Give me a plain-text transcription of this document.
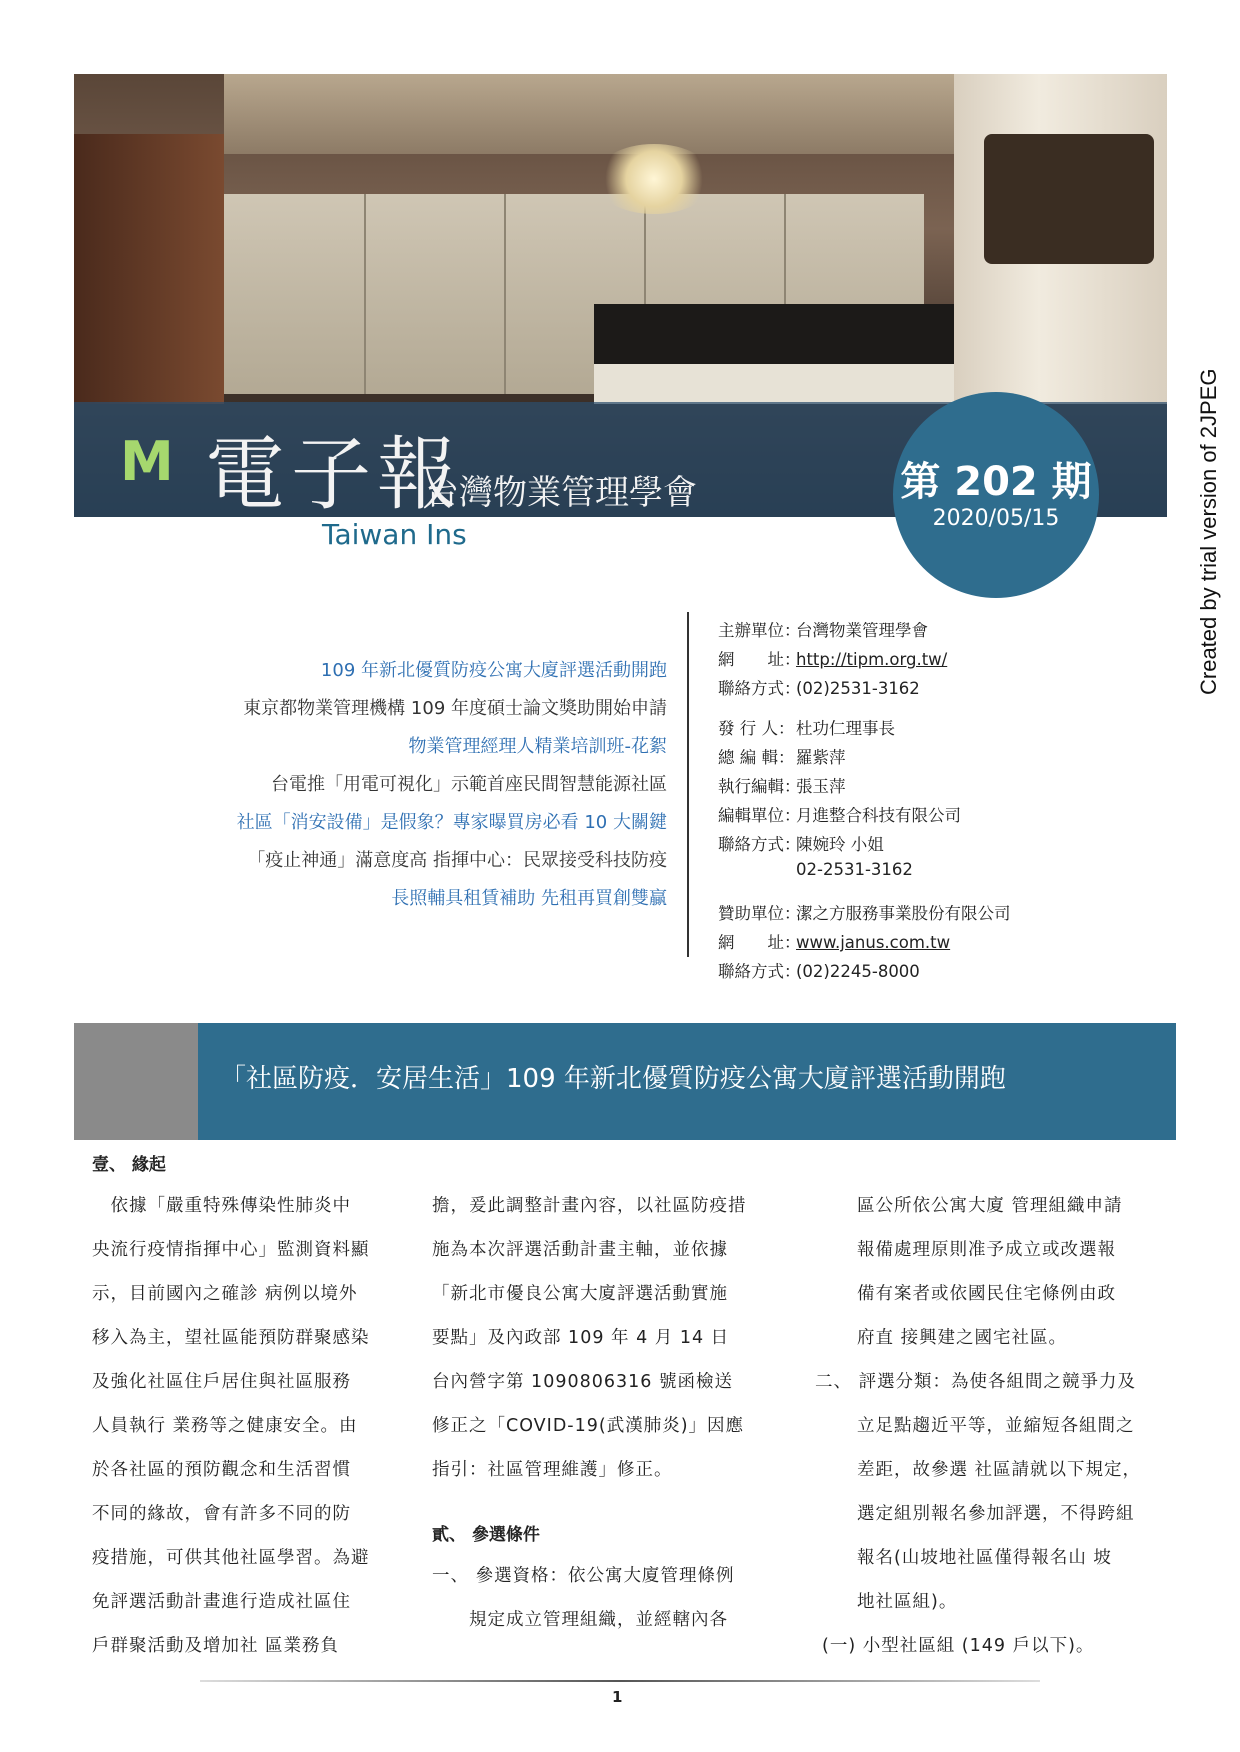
M 電子報
台灣物業管理學會
Taiwan Ins
第 202 期
2020/05/15
109 年新北優質防疫公寓大廈評選活動開跑
東京都物業管理機構 109 年度碩士論文獎助開始申請
物業管理經理人精業培訓班-花絮
台電推「用電可視化」示範首座民間智慧能源社區
社區「消安設備」是假象？專家曝買房必看 10 大關鍵
「疫止神通」滿意度高 指揮中心：民眾接受科技防疫
長照輔具租賃補助 先租再買創雙贏
主辦單位：台灣物業管理學會
網　　址：http://tipm.org.tw/
聯絡方式：(02)2531-3162
發 行 人：杜功仁理事長
總 編 輯：羅紫萍
執行編輯：張玉萍
編輯單位：月進整合科技有限公司
聯絡方式：陳婉玲 小姐
02-2531-3162
贊助單位：潔之方服務事業股份有限公司
網　　址：www.janus.com.tw
聯絡方式：(02)2245-8000
「社區防疫．安居生活」109 年新北優質防疫公寓大廈評選活動開跑
壹、 緣起
　依據「嚴重特殊傳染性肺炎中
央流行疫情指揮中心」監測資料顯
示，目前國內之確診 病例以境外
移入為主，望社區能預防群聚感染
及強化社區住戶居住與社區服務
人員執行 業務等之健康安全。由
於各社區的預防觀念和生活習慣
不同的緣故，會有許多不同的防
疫措施，可供其他社區學習。為避
免評選活動計畫進行造成社區住
戶群聚活動及增加社 區業務負
擔，爰此調整計畫內容，以社區防疫措
施為本次評選活動計畫主軸，並依據
「新北市優良公寓大廈評選活動實施
要點」及內政部 109 年 4 月 14 日
台內營字第 1090806316 號函檢送
修正之「COVID-19(武漢肺炎)」因應
指引：社區管理維護」修正。
貳、 參選條件
一、 參選資格：依公寓大廈管理條例
　　規定成立管理組織，並經轄內各
區公所依公寓大廈 管理組織申請
報備處理原則准予成立或改選報
備有案者或依國民住宅條例由政
府直 接興建之國宅社區。
二、 評選分類：為使各組間之競爭力及
立足點趨近平等，並縮短各組間之
差距，故參選 社區請就以下規定，
選定組別報名參加評選，不得跨組
報名(山坡地社區僅得報名山 坡
地社區組)。
(一) 小型社區組 (149 戶以下)。
1
Created by trial version of 2JPEG
